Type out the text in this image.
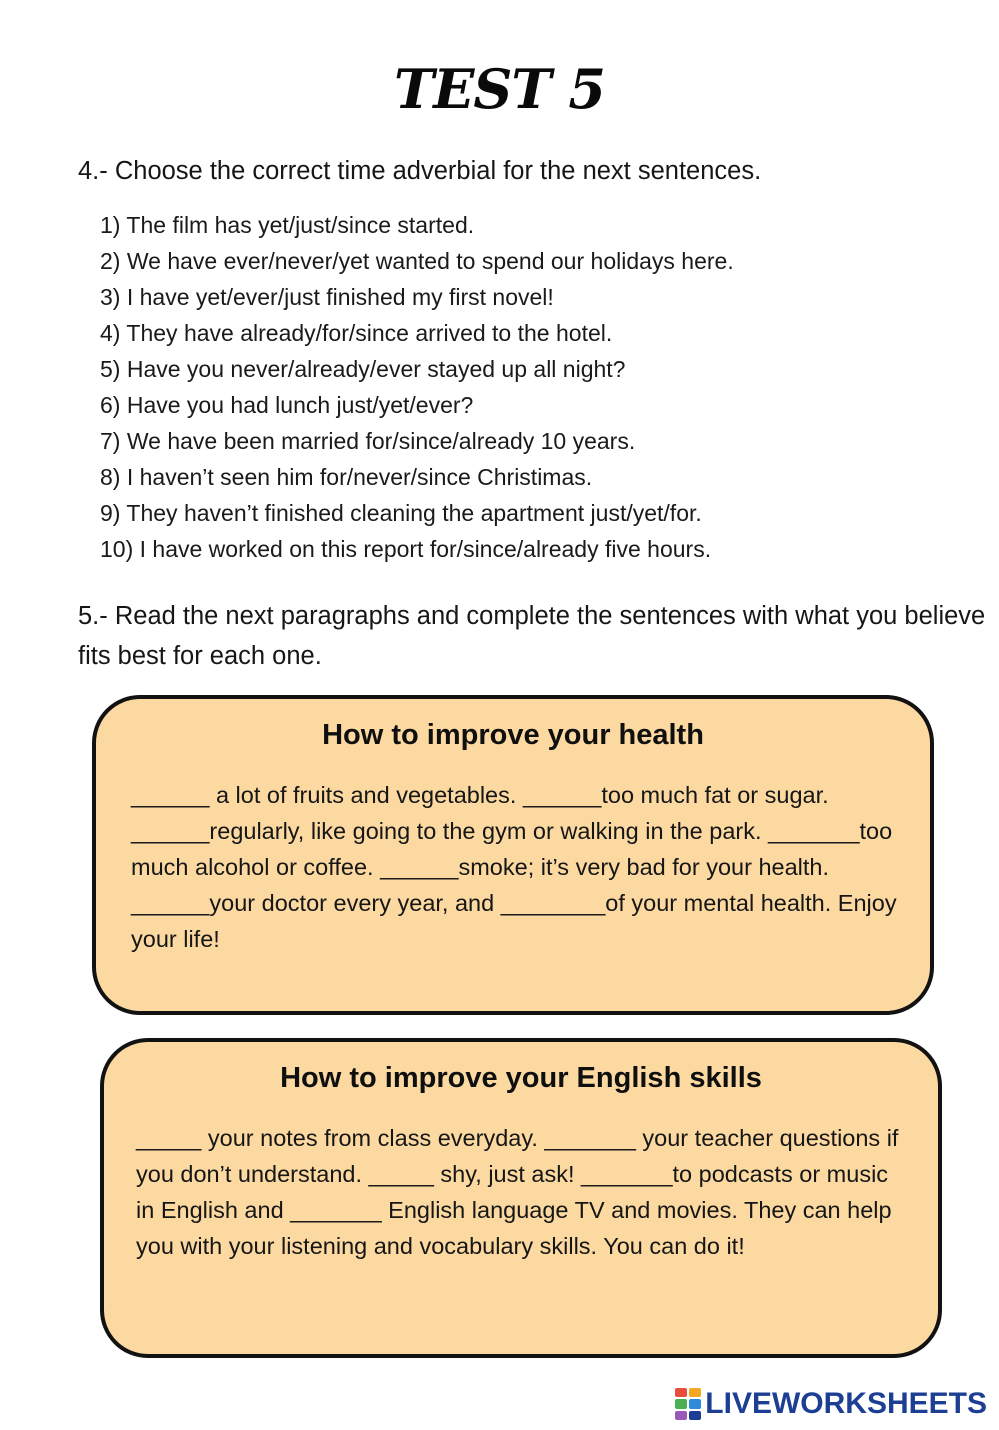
TEST 5

4.- Choose the correct time adverbial for the next sentences.

1) The film has yet/just/since started.
2) We have ever/never/yet wanted to spend our holidays here.
3) I have yet/ever/just finished my first novel!
4) They have already/for/since arrived to the hotel.
5) Have you never/already/ever stayed up all night?
6) Have you had lunch just/yet/ever?
7) We have been married for/since/already 10 years.
8) I haven’t seen him for/never/since Christimas.
9) They haven’t finished cleaning the apartment just/yet/for.
10) I have worked on this report for/since/already five hours.

5.- Read the next paragraphs and complete the sentences with what you believe fits best for each one.

How to improve your health

______ a lot of fruits and vegetables. ______too much fat or sugar. ______regularly, like going to the gym or walking in the park. _______too much alcohol or coffee. ______smoke; it’s very bad for your health. ______your doctor every year, and ________of your mental health. Enjoy your life!

How to improve your English skills

_____ your notes from class everyday. _______ your teacher questions if you don’t understand. _____ shy, just ask! _______to podcasts or music in English and _______ English language TV and movies. They can help you with your listening and vocabulary skills. You can do it!

LIVEWORKSHEETS
